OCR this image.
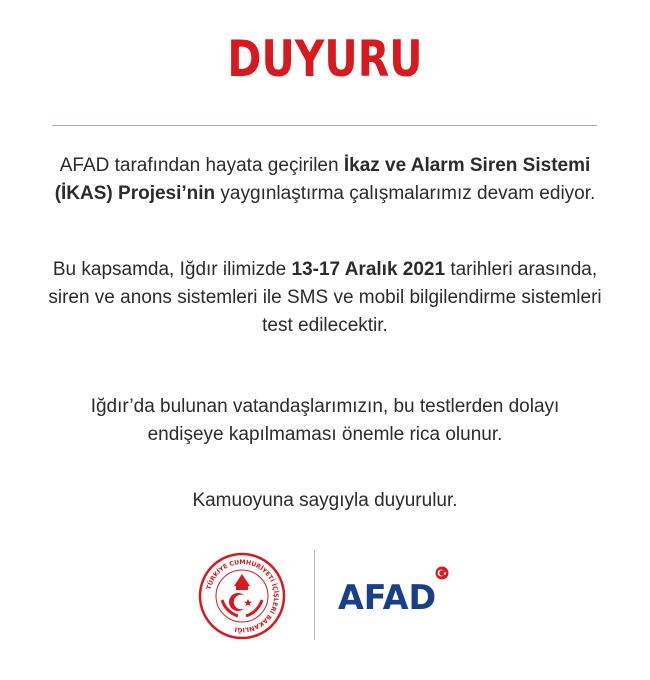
DUYURU
AFAD tarafından hayata geçirilen İkaz ve Alarm Siren Sistemi
(İKAS) Projesi’nin yaygınlaştırma çalışmalarımız devam ediyor.
Bu kapsamda, Iğdır ilimizde 13-17 Aralık 2021 tarihleri arasında,
siren ve anons sistemleri ile SMS ve mobil bilgilendirme sistemleri
test edilecektir.
Iğdır’da bulunan vatandaşlarımızın, bu testlerden dolayı
endişeye kapılmaması önemle rica olunur.
Kamuoyuna saygıyla duyurulur.
TÜRKİYE CUMHURİYETİ İÇİŞLERİ BAKANLIĞI
AFAD
